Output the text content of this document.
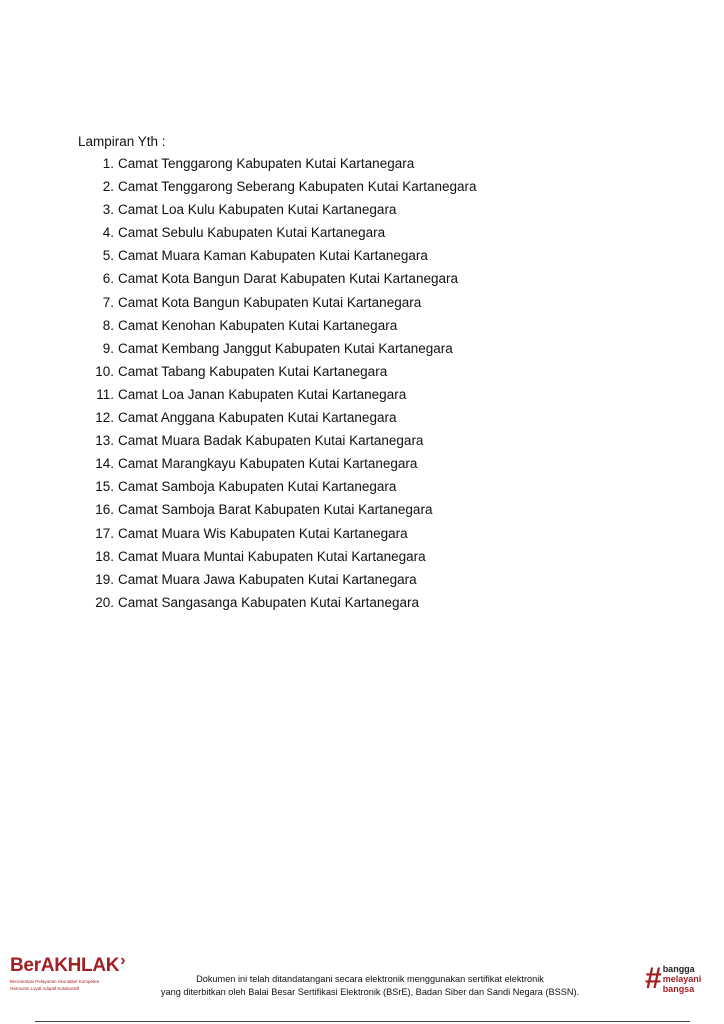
Lampiran Yth :
1. Camat Tenggarong Kabupaten Kutai Kartanegara
2. Camat Tenggarong Seberang Kabupaten Kutai Kartanegara
3. Camat Loa Kulu Kabupaten Kutai Kartanegara
4. Camat Sebulu Kabupaten Kutai Kartanegara
5. Camat Muara Kaman Kabupaten Kutai Kartanegara
6. Camat Kota Bangun Darat Kabupaten Kutai Kartanegara
7. Camat Kota Bangun Kabupaten Kutai Kartanegara
8. Camat Kenohan Kabupaten Kutai Kartanegara
9. Camat Kembang Janggut Kabupaten Kutai Kartanegara
10. Camat Tabang Kabupaten Kutai Kartanegara
11. Camat Loa Janan Kabupaten Kutai Kartanegara
12. Camat Anggana Kabupaten Kutai Kartanegara
13. Camat Muara Badak Kabupaten Kutai Kartanegara
14. Camat Marangkayu Kabupaten Kutai Kartanegara
15. Camat Samboja Kabupaten Kutai Kartanegara
16. Camat Samboja Barat Kabupaten Kutai Kartanegara
17. Camat Muara Wis Kabupaten Kutai Kartanegara
18. Camat Muara Muntai Kabupaten Kutai Kartanegara
19. Camat Muara Jawa Kabupaten Kutai Kartanegara
20. Camat Sangasanga Kabupaten Kutai Kartanegara
BerAKHLAK›
Berorientasi Pelayanan Akuntabel Kompeten
Harmonis Loyal Adaptif Kolaboratif
Dokumen ini telah ditandatangani secara elektronik menggunakan sertifikat elektronik
yang diterbitkan oleh Balai Besar Sertifikasi Elektronik (BSrE), Badan Siber dan Sandi Negara (BSSN).	# bangga
melayani
bangsa
